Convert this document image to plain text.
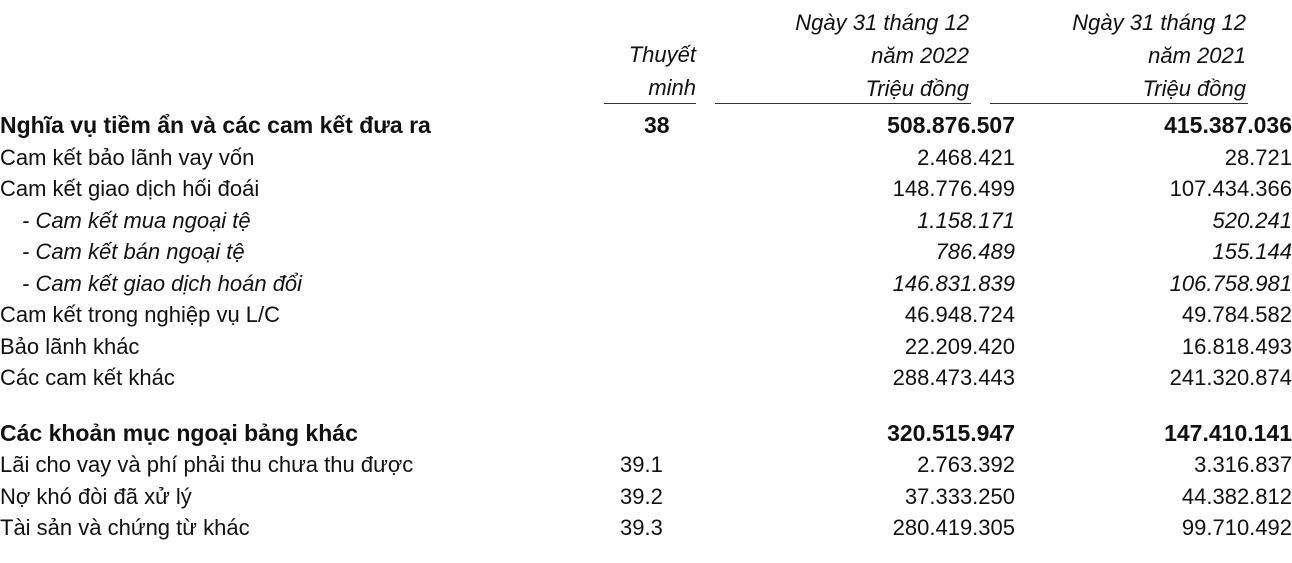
Thuyết
minh
Ngày 31 tháng 12
năm 2022
Triệu đồng
Ngày 31 tháng 12
năm 2021
Triệu đồng
Nghĩa vụ tiềm ẩn và các cam kết đưa ra	38	508.876.507	415.387.036
Cam kết bảo lãnh vay vốn		2.468.421	28.721
Cam kết giao dịch hối đoái		148.776.499	107.434.366
- Cam kết mua ngoại tệ		1.158.171	520.241
- Cam kết bán ngoại tệ		786.489	155.144
- Cam kết giao dịch hoán đổi		146.831.839	106.758.981
Cam kết trong nghiệp vụ L/C		46.948.724	49.784.582
Bảo lãnh khác		22.209.420	16.818.493
Các cam kết khác		288.473.443	241.320.874

Các khoản mục ngoại bảng khác		320.515.947	147.410.141
Lãi cho vay và phí phải thu chưa thu được	39.1	2.763.392	3.316.837
Nợ khó đòi đã xử lý	39.2	37.333.250	44.382.812
Tài sản và chứng từ khác	39.3	280.419.305	99.710.492
